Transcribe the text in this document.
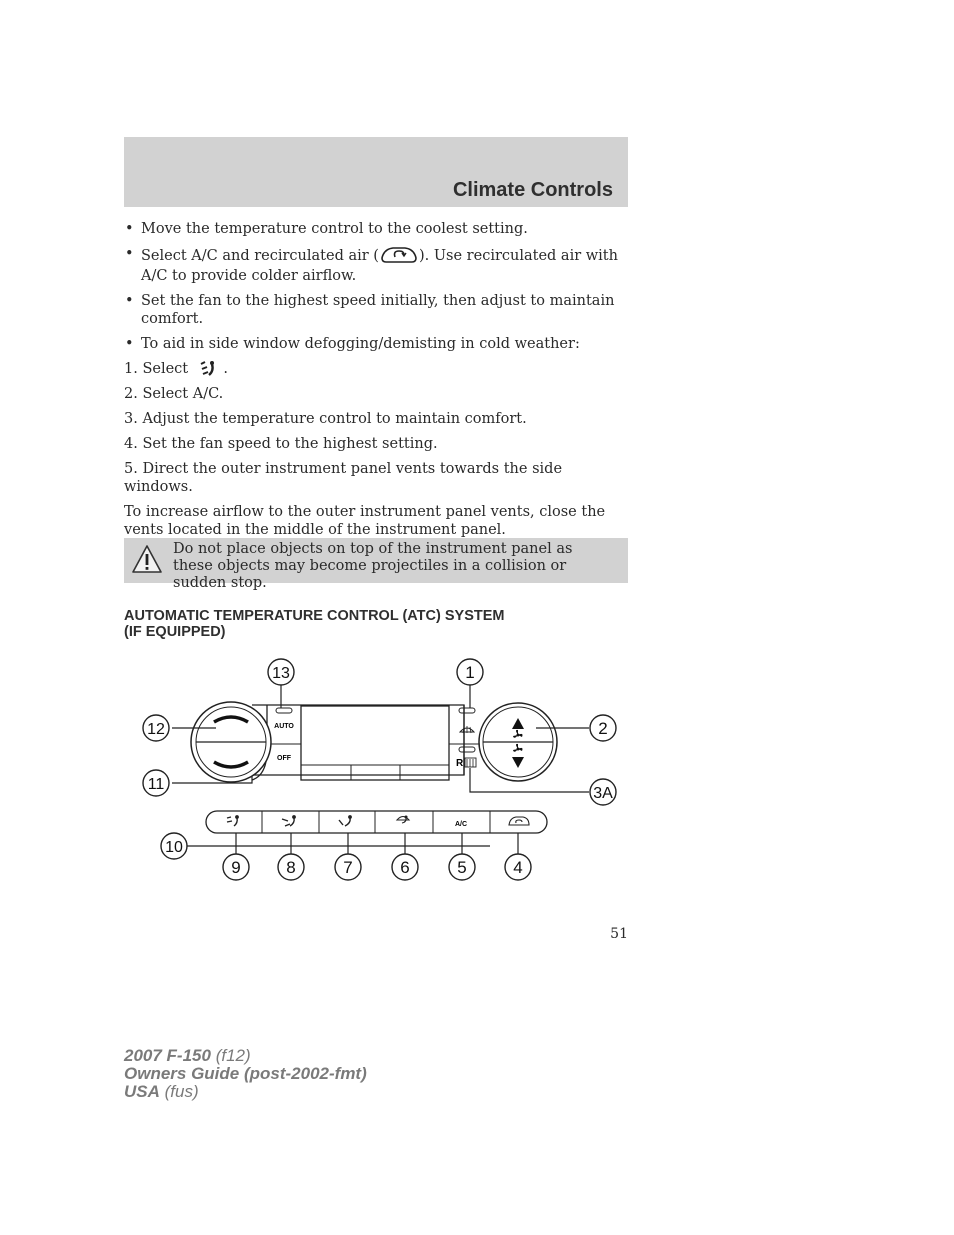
Climate Controls
• Move the temperature control to the coolest setting.
• Select A/C and recirculated air (	). Use recirculated air with A/C to provide colder airflow.
• Set the fan to the highest speed initially, then adjust to maintain comfort.
• To aid in side window defogging/demisting in cold weather:
1. Select .
2. Select A/C.
3. Adjust the temperature control to maintain comfort.
4. Set the fan speed to the highest setting.
5. Direct the outer instrument panel vents towards the side windows.
To increase airflow to the outer instrument panel vents, close the vents located in the middle of the instrument panel.
Do not place objects on top of the instrument panel as these objects may become projectiles in a collision or sudden stop.
AUTOMATIC TEMPERATURE CONTROL (ATC) SYSTEM
(IF EQUIPPED)
AUTO
OFF	R
A/C
13	1
12	2
11
3A
10
9	8	7	6	5	4
51
2007 F-150 (f12)
Owners Guide (post-2002-fmt)
USA (fus)
